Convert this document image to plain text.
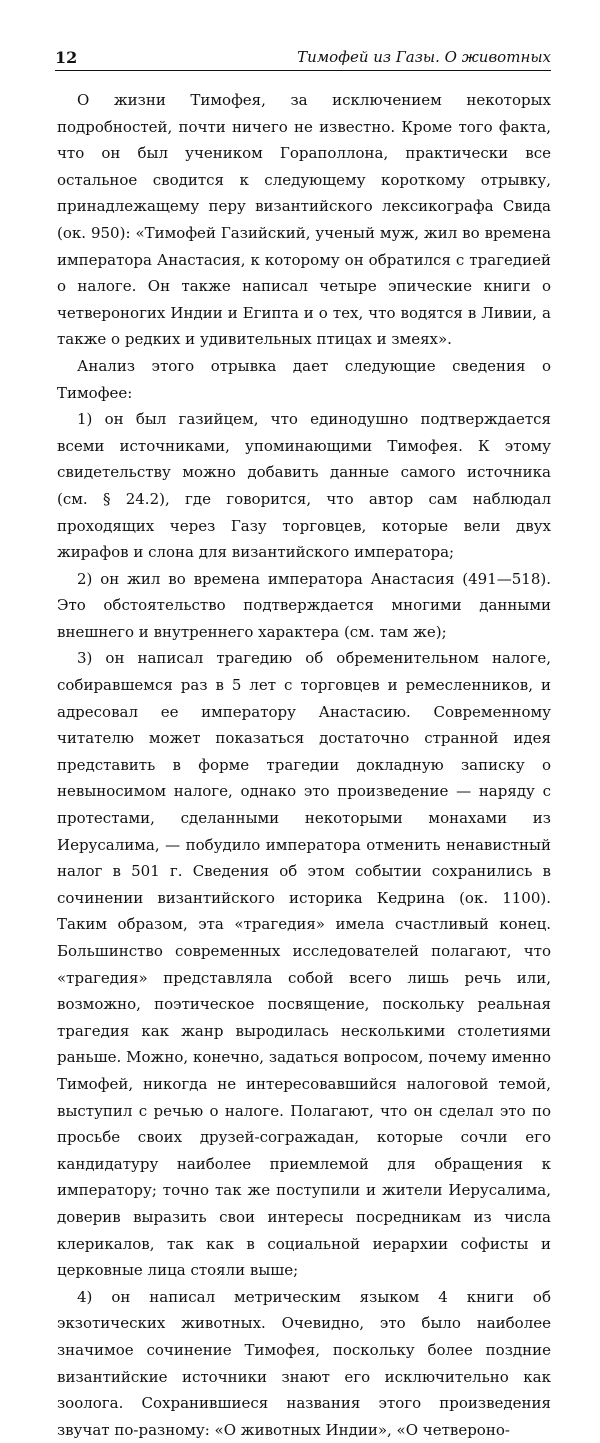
12	Тимофей из Газы. О животных

О жизни Тимофея, за исключением некоторых подробностей, почти ничего не известно. Кроме того факта, что он был учеником Гораполлона, практически все остальное сводится к следующему короткому отрывку, принадлежащему перу византийского лексикографа Свида (ок. 950): «Тимофей Газийский, ученый муж, жил во времена императора Анастасия, к которому он обратился с трагедией о налоге. Он также написал четыре эпические книги о четвероногих Индии и Египта и о тех, что водятся в Ливии, а также о редких и удивительных птицах и змеях».

Анализ этого отрывка дает следующие сведения о Тимофее:

1) он был газийцем, что единодушно подтверждается всеми источниками, упоминающими Тимофея. К этому свидетельству можно добавить данные самого источника (см. § 24.2), где говорится, что автор сам наблюдал проходящих через Газу торговцев, которые вели двух жирафов и слона для византийского императора;

2) он жил во времена императора Анастасия (491—518). Это обстоятельство подтверждается многими данными внешнего и внутреннего характера (см. там же);

3) он написал трагедию об обременительном налоге, собиравшемся раз в 5 лет с торговцев и ремесленников, и адресовал ее императору Анастасию. Современному читателю может показаться достаточно странной идея представить в форме трагедии докладную записку о невыносимом налоге, однако это произведение — наряду с протестами, сделанными некоторыми монахами из Иерусалима, — побудило императора отменить ненавистный налог в 501 г. Сведения об этом событии сохранились в сочинении византийского историка Кедрина (ок. 1100). Таким образом, эта «трагедия» имела счастливый конец. Большинство современных исследователей полагают, что «трагедия» представляла собой всего лишь речь или, возможно, поэтическое посвящение, поскольку реальная трагедия как жанр выродилась несколькими столетиями раньше. Можно, конечно, задаться вопросом, почему именно Тимофей, никогда не интересовавшийся налоговой темой, выступил с речью о налоге. Полагают, что он сделал это по просьбе своих друзей-согражадан, которые сочли его кандидатуру наиболее приемлемой для обращения к императору; точно так же поступили и жители Иерусалима, доверив выразить свои интересы посредникам из числа клерикалов, так как в социальной иерархии софисты и церковные лица стояли выше;

4) он написал метрическим языком 4 книги об экзотических животных. Очевидно, это было наиболее значимое сочинение Тимофея, поскольку более поздние византийские источники знают его исключительно как зоолога. Сохранившиеся названия этого произведения звучат по-разному: «О животных Индии», «О четвероно-
